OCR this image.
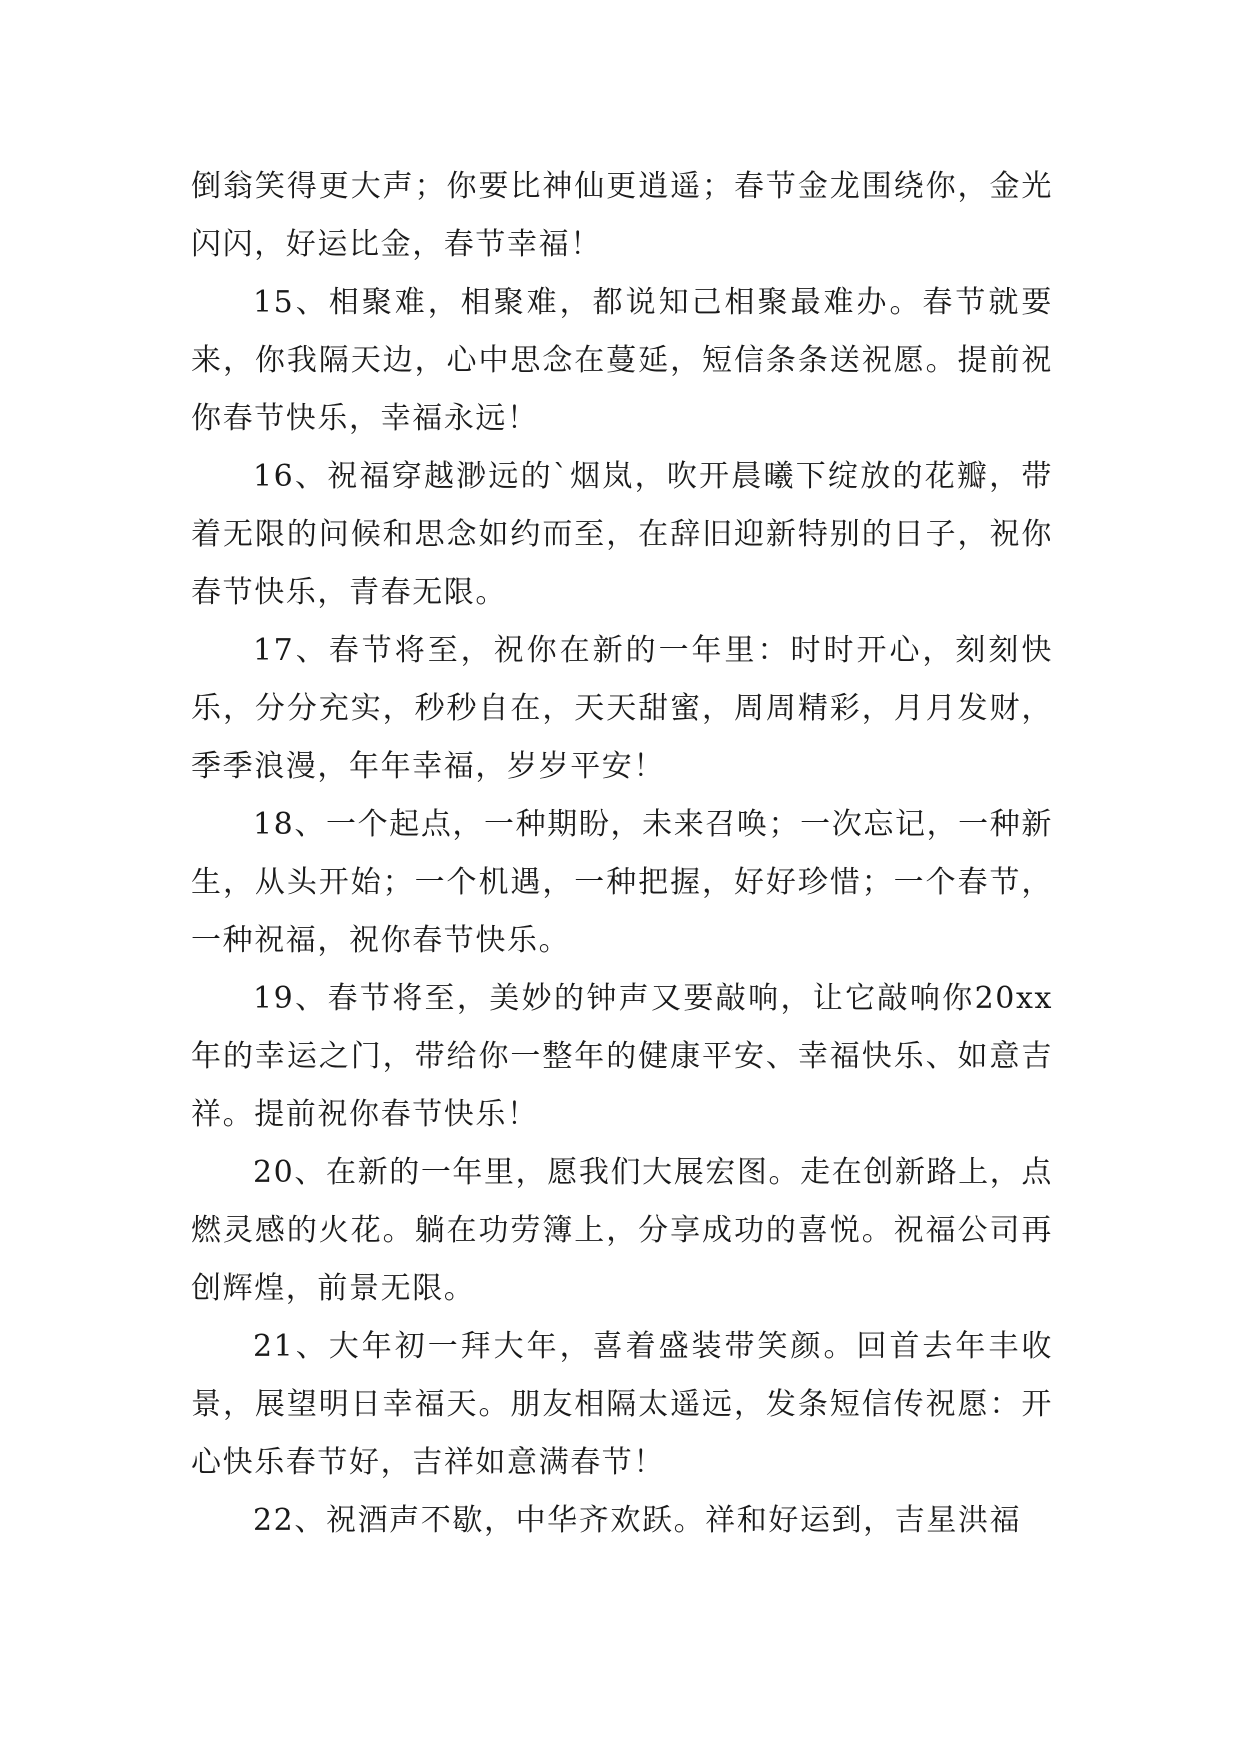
倒翁笑得更大声；你要比神仙更逍遥；春节金龙围绕你，金光闪闪，好运比金，春节幸福！

15、相聚难，相聚难，都说知己相聚最难办。春节就要来，你我隔天边，心中思念在蔓延，短信条条送祝愿。提前祝你春节快乐，幸福永远！

16、祝福穿越渺远的`烟岚，吹开晨曦下绽放的花瓣，带着无限的问候和思念如约而至，在辞旧迎新特别的日子，祝你春节快乐，青春无限。

17、春节将至，祝你在新的一年里：时时开心，刻刻快乐，分分充实，秒秒自在，天天甜蜜，周周精彩，月月发财，季季浪漫，年年幸福，岁岁平安！

18、一个起点，一种期盼，未来召唤；一次忘记，一种新生，从头开始；一个机遇，一种把握，好好珍惜；一个春节，一种祝福，祝你春节快乐。

19、春节将至，美妙的钟声又要敲响，让它敲响你20xx年的幸运之门，带给你一整年的健康平安、幸福快乐、如意吉祥。提前祝你春节快乐！

20、在新的一年里，愿我们大展宏图。走在创新路上，点燃灵感的火花。躺在功劳簿上，分享成功的喜悦。祝福公司再创辉煌，前景无限。

21、大年初一拜大年，喜着盛装带笑颜。回首去年丰收景，展望明日幸福天。朋友相隔太遥远，发条短信传祝愿：开心快乐春节好，吉祥如意满春节！

22、祝酒声不歇，中华齐欢跃。祥和好运到，吉星洪福
